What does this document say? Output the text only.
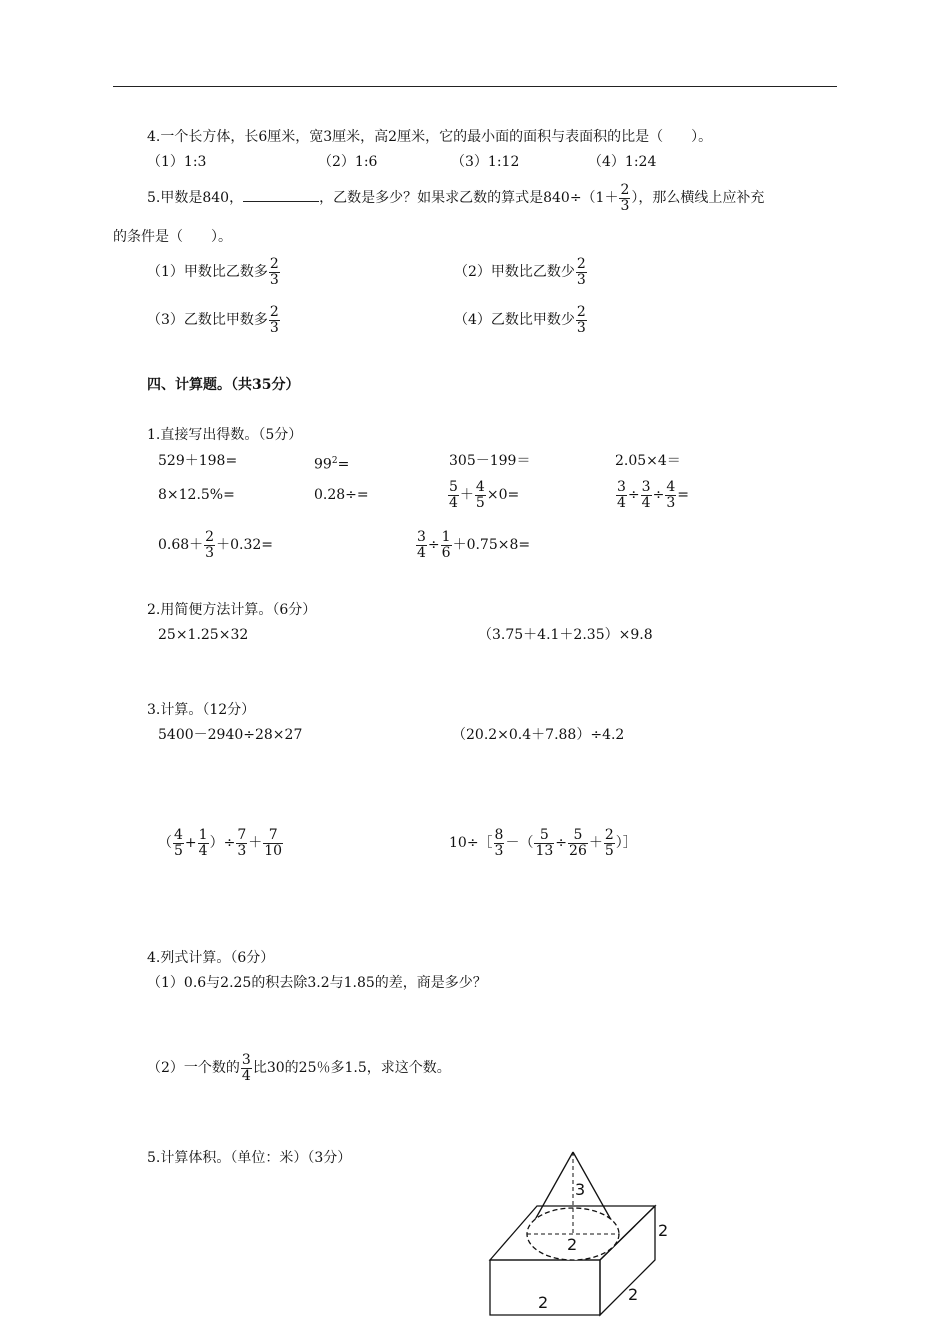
4.一个长方体，长6厘米，宽3厘米，高2厘米，它的最小面的面积与表面积的比是（　　）。
（1）1:3	（2）1:6	（3）1:12	（4）1:24
5.甲数是840，	，乙数是多少？如果求乙数的算式是$840\div(1+ \frac{2}{3}$ ），那么横线上应补充
的条件是（　　）。
（1）甲数比乙数多 $\frac{2}{3}$	（2）甲数比乙数少 $\frac{2}{3}$
（3）乙数比甲数多 $\frac{2}{3}$	（4）乙数比甲数少 $\frac{2}{3}$
四、计算题。（共35分）
1.直接写出得数。（5分）
529＋198=	$99^2=$	305－199＝	2.05×4＝
8×12.5%=	0.28÷=	$\frac{5}{4} + \frac{4}{5} \times 0=$	$\frac{3}{4} \div \frac{3}{4} \div \frac{4}{3}$ =
$0.68+ \frac{2}{3} +0.32=$	$\frac{3}{4} \div \frac{1}{6} +0.75\times 8=$
2.用简便方法计算。（6分）
25×1.25×32	（3.75＋4.1＋2.35）×9.8
3.计算。（12分）
5400－2940÷28×27	（20.2×0.4＋7.88）÷4.2
（ $\frac{4}{5} + \frac{1}{4}$ ）÷ $\frac{7}{3} + \frac{7}{10}$	10÷［ $\frac{8}{3}$ －（ $\frac{5}{13} \div \frac{5}{26} + \frac{2}{5}$ ）］
4.列式计算。（6分）
（1）0.6与2.25的积去除3.2与1.85的差，商是多少？
（2）一个数的 $\frac{3}{4}$ 比30的25％多1.5，求这个数。
5.计算体积。（单位：米）（3分）
3
2
2
2	2
